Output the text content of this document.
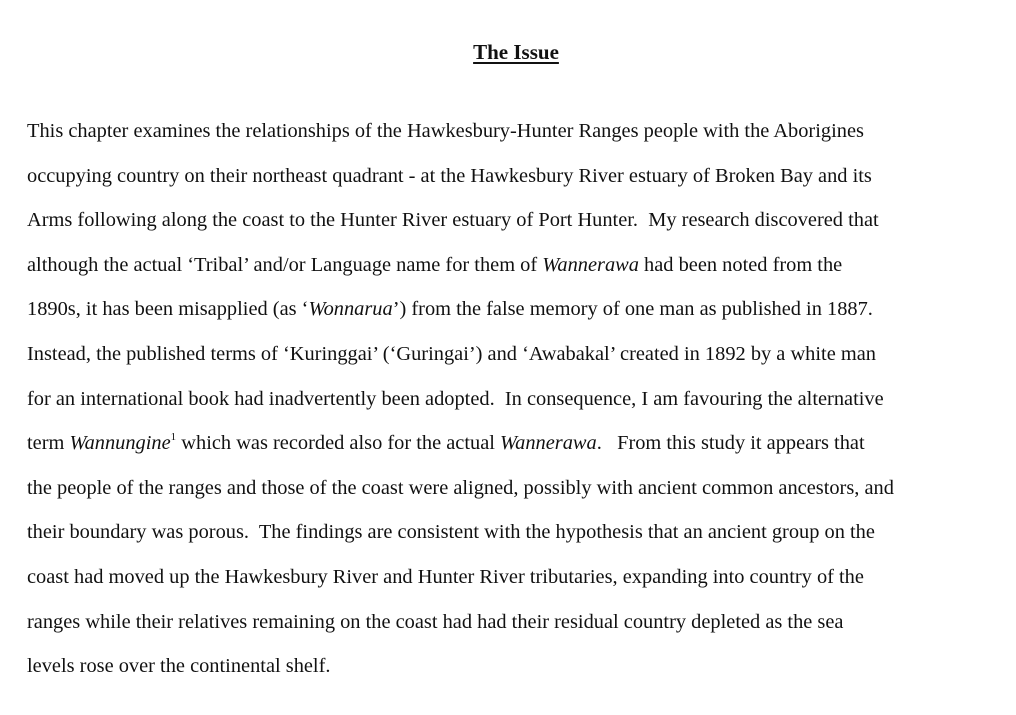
The Issue
This chapter examines the relationships of the Hawkesbury-Hunter Ranges people with the Aborigines
occupying country on their northeast quadrant - at the Hawkesbury River estuary of Broken Bay and its
Arms following along the coast to the Hunter River estuary of Port Hunter.  My research discovered that
although the actual ‘Tribal’ and/or Language name for them of Wannerawa had been noted from the
1890s, it has been misapplied (as ‘Wonnarua’) from the false memory of one man as published in 1887.
Instead, the published terms of ‘Kuringgai’ (‘Guringai’) and ‘Awabakal’ created in 1892 by a white man
for an international book had inadvertently been adopted.  In consequence, I am favouring the alternative
term Wannungine$^1$ which was recorded also for the actual Wannerawa.   From this study it appears that
the people of the ranges and those of the coast were aligned, possibly with ancient common ancestors, and
their boundary was porous.  The findings are consistent with the hypothesis that an ancient group on the
coast had moved up the Hawkesbury River and Hunter River tributaries, expanding into country of the
ranges while their relatives remaining on the coast had had their residual country depleted as the sea
levels rose over the continental shelf.
